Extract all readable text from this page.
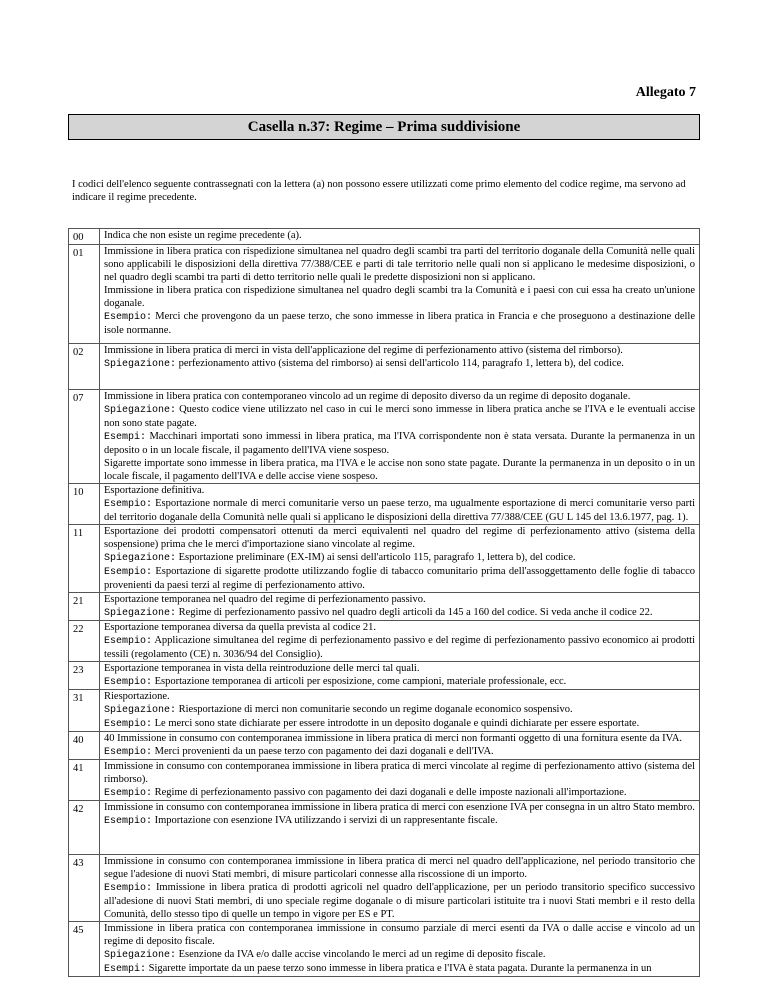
Allegato 7
Casella n.37: Regime – Prima suddivisione
I codici dell'elenco seguente contrassegnati con la lettera (a) non possono essere utilizzati come primo elemento del codice regime, ma servono ad indicare il regime precedente.
00	Indica che non esiste un regime precedente (a).

01	Immissione in libera pratica con rispedizione simultanea nel quadro degli scambi tra parti del territorio doganale della Comunità nelle quali sono applicabili le disposizioni della direttiva 77/388/CEE e parti di tale territorio nelle quali non si applicano le medesime disposizioni, o nel quadro degli scambi tra parti di detto territorio nelle quali le predette disposizioni non si applicano.
Immissione in libera pratica con rispedizione simultanea nel quadro degli scambi tra la Comunità e i paesi con cui essa ha creato un'unione doganale.
Esempio: Merci che provengono da un paese terzo, che sono immesse in libera pratica in Francia e che proseguono a destinazione delle isole normanne.

02	Immissione in libera pratica di merci in vista dell'applicazione del regime di perfezionamento attivo (sistema del rimborso).
Spiegazione: perfezionamento attivo (sistema del rimborso) ai sensi dell'articolo 114, paragrafo 1, lettera b), del codice.

07	Immissione in libera pratica con contemporaneo vincolo ad un regime di deposito diverso da un regime di deposito doganale.
Spiegazione: Questo codice viene utilizzato nel caso in cui le merci sono immesse in libera pratica anche se l'IVA e le eventuali accise non sono state pagate.
Esempi: Macchinari importati sono immessi in libera pratica, ma l'IVA corrispondente non è stata versata. Durante la permanenza in un deposito o in un locale fiscale, il pagamento dell'IVA viene sospeso.
Sigarette importate sono immesse in libera pratica, ma l'IVA e le accise non sono state pagate. Durante la permanenza in un deposito o in un locale fiscale, il pagamento dell'IVA e delle accise viene sospeso.

10	Esportazione definitiva.
Esempio: Esportazione normale di merci comunitarie verso un paese terzo, ma ugualmente esportazione di merci comunitarie verso parti del territorio doganale della Comunità nelle quali si applicano le disposizioni della direttiva 77/388/CEE (GU L 145 del 13.6.1977, pag. 1).

11	Esportazione dei prodotti compensatori ottenuti da merci equivalenti nel quadro del regime di perfezionamento attivo (sistema della sospensione) prima che le merci d'importazione siano vincolate al regime.
Spiegazione: Esportazione preliminare (EX-IM) ai sensi dell'articolo 115, paragrafo 1, lettera b), del codice.
Esempio: Esportazione di sigarette prodotte utilizzando foglie di tabacco comunitario prima dell'assoggettamento delle foglie di tabacco provenienti da paesi terzi al regime di perfezionamento attivo.

21	Esportazione temporanea nel quadro del regime di perfezionamento passivo.
Spiegazione: Regime di perfezionamento passivo nel quadro degli articoli da 145 a 160 del codice. Si veda anche il codice 22.

22	Esportazione temporanea diversa da quella prevista al codice 21.
Esempio: Applicazione simultanea del regime di perfezionamento passivo e del regime di perfezionamento passivo economico ai prodotti tessili (regolamento (CE) n. 3036/94 del Consiglio).

23	Esportazione temporanea in vista della reintroduzione delle merci tal quali.
Esempio: Esportazione temporanea di articoli per esposizione, come campioni, materiale professionale, ecc.

31	Riesportazione.
Spiegazione: Riesportazione di merci non comunitarie secondo un regime doganale economico sospensivo.
Esempio: Le merci sono state dichiarate per essere introdotte in un deposito doganale e quindi dichiarate per essere esportate.

40	40 Immissione in consumo con contemporanea immissione in libera pratica di merci non formanti oggetto di una fornitura esente da IVA.
Esempio: Merci provenienti da un paese terzo con pagamento dei dazi doganali e dell'IVA.

41	Immissione in consumo con contemporanea immissione in libera pratica di merci vincolate al regime di perfezionamento attivo (sistema del rimborso).
Esempio: Regime di perfezionamento passivo con pagamento dei dazi doganali e delle imposte nazionali all'importazione.

42	Immissione in consumo con contemporanea immissione in libera pratica di merci con esenzione IVA per consegna in un altro Stato membro.
Esempio: Importazione con esenzione IVA utilizzando i servizi di un rappresentante fiscale.

43	Immissione in consumo con contemporanea immissione in libera pratica di merci nel quadro dell'applicazione, nel periodo transitorio che segue l'adesione di nuovi Stati membri, di misure particolari connesse alla riscossione di un importo.
Esempio: Immissione in libera pratica di prodotti agricoli nel quadro dell'applicazione, per un periodo transitorio specifico successivo all'adesione di nuovi Stati membri, di uno speciale regime doganale o di misure particolari istituite tra i nuovi Stati membri e il resto della Comunità, dello stesso tipo di quelle un tempo in vigore per ES e PT.

45	Immissione in libera pratica con contemporanea immissione in consumo parziale di merci esenti da IVA o dalle accise e vincolo ad un regime di deposito fiscale.
Spiegazione: Esenzione da IVA e/o dalle accise vincolando le merci ad un regime di deposito fiscale.
Esempi: Sigarette importate da un paese terzo sono immesse in libera pratica e l'IVA è stata pagata. Durante la permanenza in un
